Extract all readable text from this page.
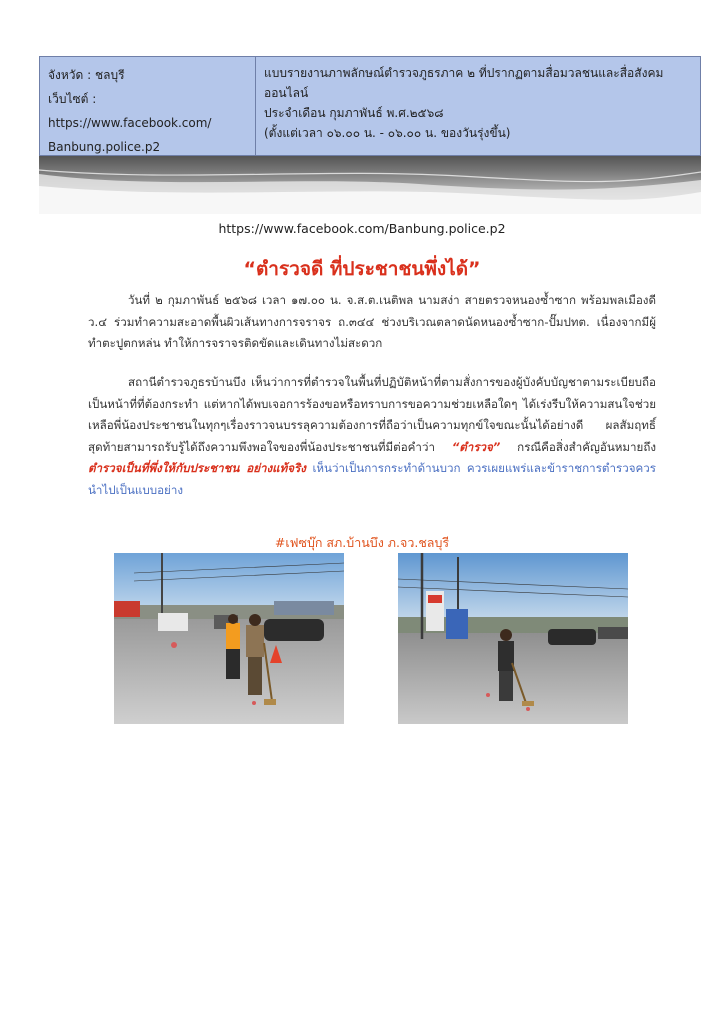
จังหวัด : ชลบุรี
เว็บไซต์ : https://www.facebook.com/
Banbung.police.p2
แบบรายงานภาพลักษณ์ตำรวจภูธรภาค ๒ ที่ปรากฏตามสื่อมวลชนและสื่อสังคมออนไลน์
ประจำเดือน กุมภาพันธ์ พ.ศ.๒๕๖๘
(ตั้งแต่เวลา ๐๖.๐๐ น. - ๐๖.๐๐ น. ของวันรุ่งขึ้น)
https://www.facebook.com/Banbung.police.p2
“ตำรวจดี ที่ประชาชนพึ่งได้”
วันที่ ๒ กุมภาพันธ์ ๒๕๖๘ เวลา ๑๗.๐๐ น. จ.ส.ต.เนติพล นามสง่า สายตรวจหนองซ้ำซาก พร้อมพลเมืองดี ว.๔ ร่วมทำความสะอาดพื้นผิวเส้นทางการจราจร ถ.๓๔๔ ช่วงบริเวณตลาดนัดหนองซ้ำซาก-ปั๊มปทต. เนื่องจากมีผู้ทำตะปูตกหล่น ทำให้การจราจรติดขัดและเดินทางไม่สะดวก
สถานีตำรวจภูธรบ้านบึง เห็นว่าการที่ตำรวจในพื้นที่ปฏิบัติหน้าที่ตามสั่งการของผู้บังคับบัญชาตามระเบียบถือเป็นหน้าที่ที่ต้องกระทำ แต่หากได้พบเจอการร้องขอหรือทราบการขอความช่วยเหลือใดๆ ได้เร่งรีบให้ความสนใจช่วยเหลือพี่น้องประชาชนในทุกๆเรื่องราวจนบรรลุความต้องการที่ถือว่าเป็นความทุกข์ใจขณะนั้นได้อย่างดี ผลสัมฤทธิ์สุดท้ายสามารถรับรู้ได้ถึงความพึงพอใจของพี่น้องประชาชนที่มีต่อคำว่า “ตำรวจ” กรณีคือสิ่งสำคัญอันหมายถึง ตำรวจเป็นที่พึ่งให้กับประชาชน อย่างแท้จริง เห็นว่าเป็นการกระทำด้านบวก ควรเผยแพร่และข้าราชการตำรวจควรนำไปเป็นแบบอย่าง
#เฟซบุ๊ก สภ.บ้านบึง ภ.จว.ชลบุรี
